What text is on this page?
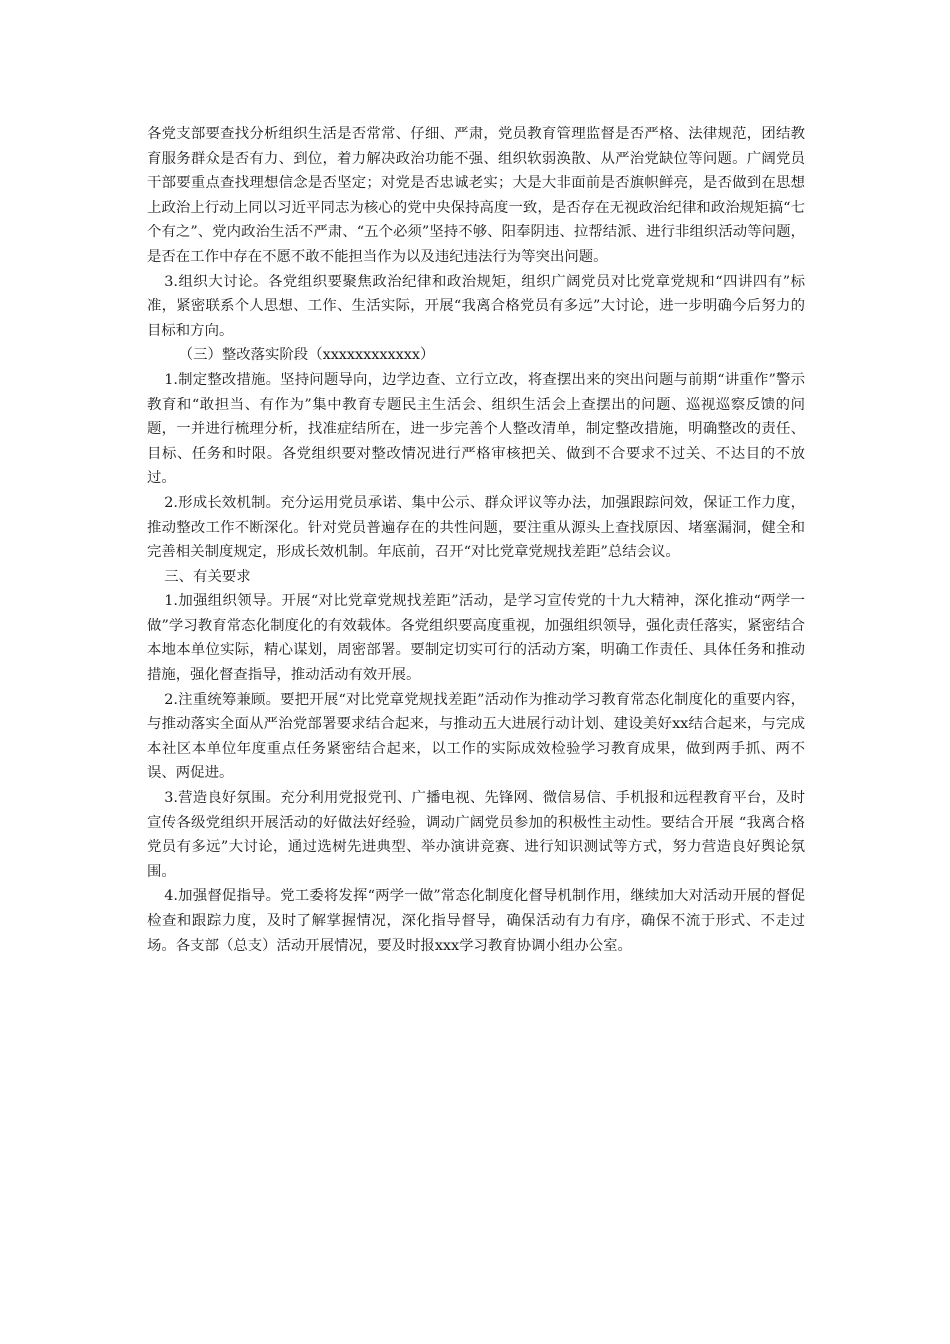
各党支部要查找分析组织生活是否常常、仔细、严肃，党员教育管理监督是否严格、法律规范，团结教育服务群众是否有力、到位，着力解决政治功能不强、组织软弱涣散、从严治党缺位等问题。广阔党员干部要重点查找理想信念是否坚定；对党是否忠诚老实；大是大非面前是否旗帜鲜亮，是否做到在思想上政治上行动上同以习近平同志为核心的党中央保持高度一致，是否存在无视政治纪律和政治规矩搞“七个有之”、党内政治生活不严肃、“五个必须”坚持不够、阳奉阴违、拉帮结派、进行非组织活动等问题，是否在工作中存在不愿不敢不能担当作为以及违纪违法行为等突出问题。

3.组织大讨论。各党组织要聚焦政治纪律和政治规矩，组织广阔党员对比党章党规和“四讲四有”标准，紧密联系个人思想、工作、生活实际，开展“我离合格党员有多远”大讨论，进一步明确今后努力的目标和方向。

（三）整改落实阶段（xxxxxxxxxxxx）

1.制定整改措施。坚持问题导向，边学边查、立行立改，将查摆出来的突出问题与前期“讲重作”警示教育和“敢担当、有作为”集中教育专题民主生活会、组织生活会上查摆出的问题、巡视巡察反馈的问题，一并进行梳理分析，找准症结所在，进一步完善个人整改清单，制定整改措施，明确整改的责任、目标、任务和时限。各党组织要对整改情况进行严格审核把关、做到不合要求不过关、不达目的不放过。

2.形成长效机制。充分运用党员承诺、集中公示、群众评议等办法，加强跟踪问效，保证工作力度，推动整改工作不断深化。针对党员普遍存在的共性问题，要注重从源头上查找原因、堵塞漏洞，健全和完善相关制度规定，形成长效机制。年底前，召开“对比党章党规找差距”总结会议。

三、有关要求

1.加强组织领导。开展“对比党章党规找差距”活动，是学习宣传党的十九大精神，深化推动“两学一做”学习教育常态化制度化的有效载体。各党组织要高度重视，加强组织领导，强化责任落实，紧密结合本地本单位实际，精心谋划，周密部署。要制定切实可行的活动方案，明确工作责任、具体任务和推动措施，强化督查指导，推动活动有效开展。

2.注重统筹兼顾。要把开展“对比党章党规找差距”活动作为推动学习教育常态化制度化的重要内容，与推动落实全面从严治党部署要求结合起来，与推动五大进展行动计划、建设美好xx结合起来，与完成本社区本单位年度重点任务紧密结合起来，以工作的实际成效检验学习教育成果，做到两手抓、两不误、两促进。

3.营造良好氛围。充分利用党报党刊、广播电视、先锋网、微信易信、手机报和远程教育平台，及时宣传各级党组织开展活动的好做法好经验，调动广阔党员参加的积极性主动性。要结合开展 “我离合格党员有多远”大讨论，通过选树先进典型、举办演讲竞赛、进行知识测试等方式，努力营造良好舆论氛围。

4.加强督促指导。党工委将发挥“两学一做”常态化制度化督导机制作用，继续加大对活动开展的督促检查和跟踪力度，及时了解掌握情况，深化指导督导，确保活动有力有序，确保不流于形式、不走过场。各支部（总支）活动开展情况，要及时报xxx学习教育协调小组办公室。
